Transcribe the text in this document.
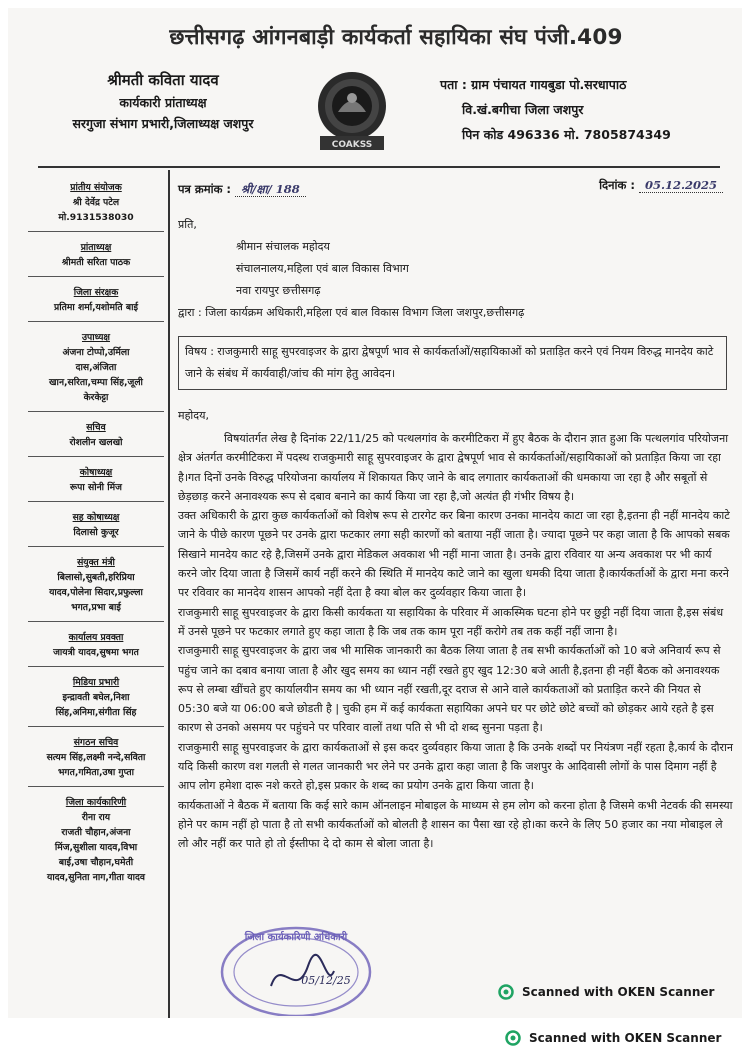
छत्तीसगढ़ आंगनबाड़ी कार्यकर्ता सहायिका संघ पंजी.409
श्रीमती कविता यादव
कार्यकारी प्रांताध्यक्ष
सरगुजा संभाग प्रभारी,जिलाध्यक्ष जशपुर
COAKSS
पता : ग्राम पंचायत गायबुडा पो.सरधापाठ
वि.खं.बगीचा जिला जशपुर
पिन कोड 496336 मो. 7805874349
प्रांतीय संयोजक
श्री देवेंद्र पटेल
मो.9131538030
प्रांताध्यक्ष
श्रीमती सरिता पाठक
जिला संरक्षक
प्रतिमा शर्मा,यशोमति बाई
उपाध्यक्ष
अंजना टोप्पो,उर्मिला
दास,अंजिता
खान,सरिता,चम्पा सिंह,जूली
केरकेट्टा
सचिव
रोशलीन खलखो
कोषाध्यक्ष
रूपा सोनी मिंज
सह कोषाध्यक्ष
दिलासो कुजूर
संयुक्त मंत्री
बिलासो,सुबती,हरिप्रिया
यादव,पोलेना सिदार,प्रफुल्ला
भगत,प्रभा बाई
कार्यालय प्रवक्ता
जायत्री यादव,सुषमा भगत
मिडिया प्रभारी
इन्द्रावती बघेल,निशा
सिंह,अनिमा,संगीता सिंह
संगठन सचिव
सत्यम सिंह,लक्ष्मी नन्दे,सविता
भगत,गमिता,उषा गुप्ता
जिला कार्यकारिणी
रीना राय
राजती चौहान,अंजना
मिंज,सुशीला यादव,विभा
बाई,उषा चौहान,घमेती
यादव,सुनिता नाग,गीता यादव
पत्र क्रमांक : श्री/क्षा/ 188	दिनांक : 05.12.2025
प्रति,
श्रीमान संचालक महोदय
संचालनालय,महिला एवं बाल विकास विभाग
नवा रायपुर छत्तीसगढ़
द्वारा : जिला कार्यक्रम अधिकारी,महिला एवं बाल विकास विभाग जिला जशपुर,छत्तीसगढ़
विषय : राजकुमारी साहू सुपरवाइजर के द्वारा द्वेषपूर्ण भाव से कार्यकर्ताओं/सहायिकाओं को प्रताड़ित करने एवं नियम विरुद्ध मानदेय काटे जाने के संबंध में कार्यवाही/जांच की मांग हेतु आवेदन।
महोदय,

विषयांतर्गत लेख है दिनांक 22/11/25 को पत्थलगांव के करमीटिकरा में हुए बैठक के दौरान ज्ञात हुआ कि पत्थलगांव परियोजना क्षेत्र अंतर्गत करमीटिकरा में पदस्थ राजकुमारी साहू सुपरवाइजर के द्वारा द्वेषपूर्ण भाव से कार्यकर्ताओं/सहायिकाओं को प्रताड़ित किया जा रहा है।गत दिनों उनके विरुद्ध परियोजना कार्यालय में शिकायत किए जाने के बाद लगातार कार्यकताओं की धमकाया जा रहा है और सबूतों से छेड़छाड़ करने अनावश्यक रूप से दबाव बनाने का कार्य किया जा रहा है,जो अत्यंत ही गंभीर विषय है।

उक्त अधिकारी के द्वारा कुछ कार्यकर्ताओं को विशेष रूप से टारगेट कर बिना कारण उनका मानदेय काटा जा रहा है,इतना ही नहीं मानदेय काटे जाने के पीछे कारण पूछने पर उनके द्वारा फटकार लगा सही कारणों को बताया नहीं जाता है। ज्यादा पूछने पर कहा जाता है कि आपको सबक सिखाने मानदेय काट रहे है,जिसमें उनके द्वारा मेडिकल अवकाश भी नहीं माना जाता है। उनके द्वारा रविवार या अन्य अवकाश पर भी कार्य करने जोर दिया जाता है जिसमें कार्य नहीं करने की स्थिति में मानदेय काटे जाने का खुला धमकी दिया जाता है।कार्यकर्ताओं के द्वारा मना करने पर रविवार का मानदेय शासन आपको नहीं देता है क्या बोल कर दुर्व्यवहार किया जाता है।

राजकुमारी साहू सुपरवाइजर के द्वारा किसी कार्यकता या सहायिका के परिवार में आकस्मिक घटना होने पर छुट्टी नहीं दिया जाता है,इस संबंध में उनसे पूछने पर फटकार लगाते हुए कहा जाता है कि जब तक काम पूरा नहीं करोगे तब तक कहीं नहीं जाना है।

राजकुमारी साहू सुपरवाइजर के द्वारा जब भी मासिक जानकारी का बैठक लिया जाता है तब सभी कार्यकर्ताओं को 10 बजे अनिवार्य रूप से पहुंच जाने का दबाव बनाया जाता है और खुद समय का ध्यान नहीं रखते हुए खुद 12:30 बजे आती है,इतना ही नहीं बैठक को अनावश्यक रूप से लम्बा खींचते हुए कार्यालयीन समय का भी ध्यान नहीं रखती,दूर दराज से आने वाले कार्यकताओं को प्रताड़ित करने की नियत से 05:30 बजे या 06:00 बजे छोडती है | चुकी हम में कई कार्यकता सहायिका अपने घर पर छोटे छोटे बच्चों को छोड़कर आये रहते है इस कारण से उनको असमय पर पहुंचने पर परिवार वालों तथा पति से भी दो शब्द सुनना पड़ता है।

राजकुमारी साहू सुपरवाइजर के द्वारा कार्यकताओं से इस कदर दुर्व्यवहार किया जाता है कि उनके शब्दों पर नियंत्रण नहीं रहता है,कार्य के दौरान यदि किसी कारण वश गलती से गलत जानकारी भर लेने पर उनके द्वारा कहा जाता है कि जशपुर के आदिवासी लोगों के पास दिमाग नहीं है आप लोग हमेशा दारू नशे करते हो,इस प्रकार के शब्द का प्रयोग उनके द्वारा किया जाता है।

कार्यकताओं ने बैठक में बताया कि कई सारे काम ऑनलाइन मोबाइल के माध्यम से हम लोग को करना होता है जिसमे कभी नेटवर्क की समस्या होने पर काम नहीं हो पाता है तो सभी कार्यकर्ताओं को बोलती है शासन का पैसा खा रहे हो।का करने के लिए 50 हजार का नया मोबाइल ले लो और नहीं कर पाते हो तो ईस्तीफा दे दो काम से बोला जाता है।

जिला कार्यकारिणी अधिकारी
05/12/25
Scanned with OKEN Scanner
Scanned with OKEN Scanner
